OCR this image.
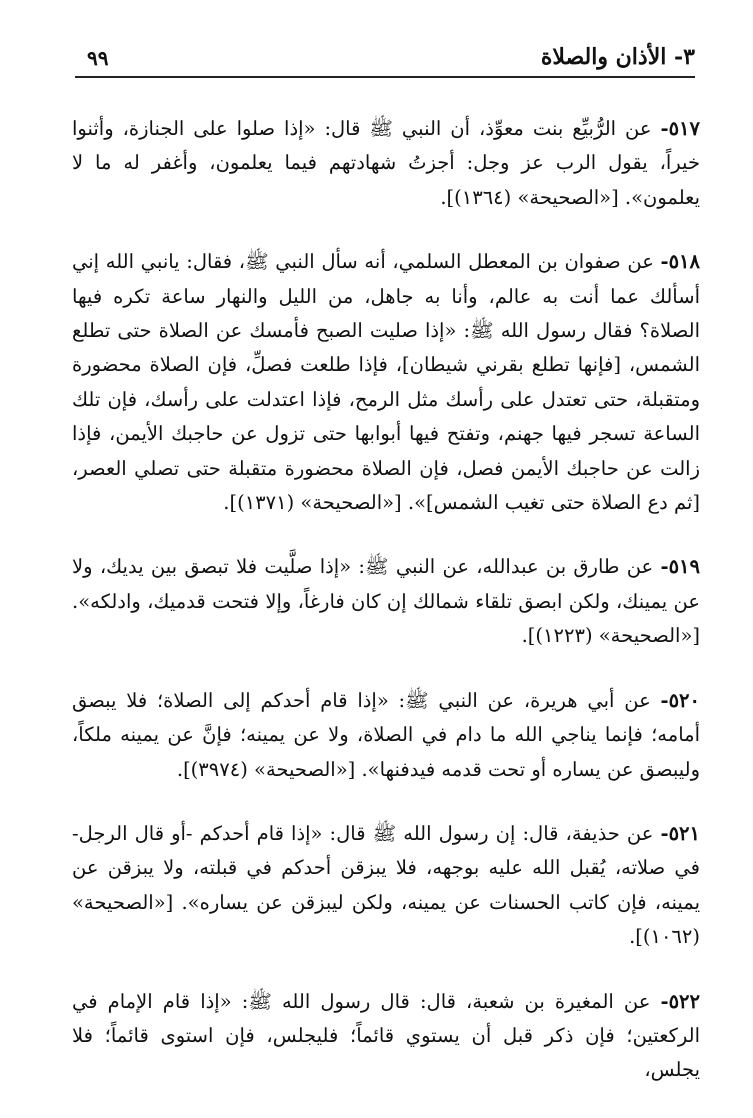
٩٩	٣- الأذان والصلاة

٥١٧- عن الرُّبيِّع بنت معوِّذ، أن النبي ﷺ قال: «إذا صلوا على الجنازة، وأثنوا خيراً، يقول الرب عز وجل: أجزتُ شهادتهم فيما يعلمون، وأغفر له ما لا يعلمون». [«الصحيحة» (١٣٦٤)].

٥١٨- عن صفوان بن المعطل السلمي، أنه سأل النبي ﷺ، فقال: يانبي الله إني أسألك عما أنت به عالم، وأنا به جاهل، من الليل والنهار ساعة تكره فيها الصلاة؟ فقال رسول الله ﷺ: «إذا صليت الصبح فأمسك عن الصلاة حتى تطلع الشمس، [فإنها تطلع بقرني شيطان]، فإذا طلعت فصلِّ، فإن الصلاة محضورة ومتقبلة، حتى تعتدل على رأسك مثل الرمح، فإذا اعتدلت على رأسك، فإن تلك الساعة تسجر فيها جهنم، وتفتح فيها أبوابها حتى تزول عن حاجبك الأيمن، فإذا زالت عن حاجبك الأيمن فصل، فإن الصلاة محضورة متقبلة حتى تصلي العصر، [ثم دع الصلاة حتى تغيب الشمس]». [«الصحيحة» (١٣٧١)].

٥١٩- عن طارق بن عبدالله، عن النبي ﷺ: «إذا صلَّيت فلا تبصق بين يديك، ولا عن يمينك، ولكن ابصق تلقاء شمالك إن كان فارغاً، وإلا فتحت قدميك، وادلكه». [«الصحيحة» (١٢٢٣)].

٥٢٠- عن أبي هريرة، عن النبي ﷺ: «إذا قام أحدكم إلى الصلاة؛ فلا يبصق أمامه؛ فإنما يناجي الله ما دام في الصلاة، ولا عن يمينه؛ فإنَّ عن يمينه ملكاً، وليبصق عن يساره أو تحت قدمه فيدفنها». [«الصحيحة» (٣٩٧٤)].

٥٢١- عن حذيفة، قال: إن رسول الله ﷺ قال: «إذا قام أحدكم -أو قال الرجل- في صلاته، يُقبل الله عليه بوجهه، فلا يبزقن أحدكم في قبلته، ولا يبزقن عن يمينه، فإن كاتب الحسنات عن يمينه، ولكن ليبزقن عن يساره». [«الصحيحة» (١٠٦٢)].

٥٢٢- عن المغيرة بن شعبة، قال: قال رسول الله ﷺ: «إذا قام الإمام في الركعتين؛ فإن ذكر قبل أن يستوي قائماً؛ فليجلس، فإن استوى قائماً؛ فلا يجلس،
